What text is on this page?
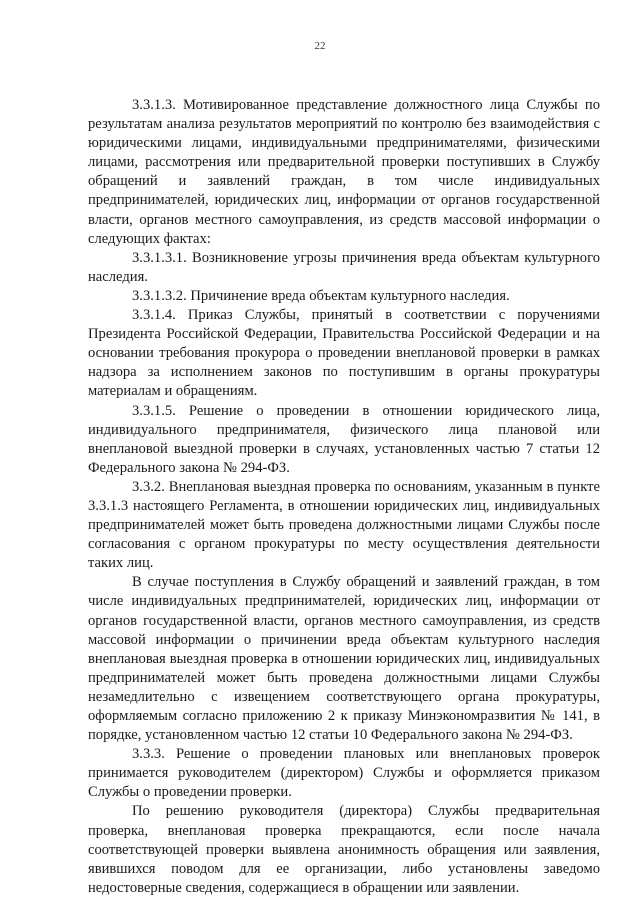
22

3.3.1.3. Мотивированное представление должностного лица Службы по результатам анализа результатов мероприятий по контролю без взаимодействия с юридическими лицами, индивидуальными предпринимателями, физическими лицами, рассмотрения или предварительной проверки поступивших в Службу обращений и заявлений граждан, в том числе индивидуальных предпринимателей, юридических лиц, информации от органов государственной власти, органов местного самоуправления, из средств массовой информации о следующих фактах:

3.3.1.3.1. Возникновение угрозы причинения вреда объектам культурного наследия.

3.3.1.3.2. Причинение вреда объектам культурного наследия.

3.3.1.4. Приказ Службы, принятый в соответствии с поручениями Президента Российской Федерации, Правительства Российской Федерации и на основании требования прокурора о проведении внеплановой проверки в рамках надзора за исполнением законов по поступившим в органы прокуратуры материалам и обращениям.

3.3.1.5. Решение о проведении в отношении юридического лица, индивидуального предпринимателя, физического лица плановой или внеплановой выездной проверки в случаях, установленных частью 7 статьи 12 Федерального закона № 294-ФЗ.

3.3.2. Внеплановая выездная проверка по основаниям, указанным в пункте 3.3.1.3 настоящего Регламента, в отношении юридических лиц, индивидуальных предпринимателей может быть проведена должностными лицами Службы после согласования с органом прокуратуры по месту осуществления деятельности таких лиц.

В случае поступления в Службу обращений и заявлений граждан, в том числе индивидуальных предпринимателей, юридических лиц, информации от органов государственной власти, органов местного самоуправления, из средств массовой информации о причинении вреда объектам культурного наследия внеплановая выездная проверка в отношении юридических лиц, индивидуальных предпринимателей может быть проведена должностными лицами Службы незамедлительно с извещением соответствующего органа прокуратуры, оформляемым согласно приложению 2 к приказу Минэкономразвития № 141, в порядке, установленном частью 12 статьи 10 Федерального закона № 294-ФЗ.

3.3.3. Решение о проведении плановых или внеплановых проверок принимается руководителем (директором) Службы и оформляется приказом Службы о проведении проверки.

По решению руководителя (директора) Службы предварительная проверка, внеплановая проверка прекращаются, если после начала соответствующей проверки выявлена анонимность обращения или заявления, явившихся поводом для ее организации, либо установлены заведомо недостоверные сведения, содержащиеся в обращении или заявлении.
